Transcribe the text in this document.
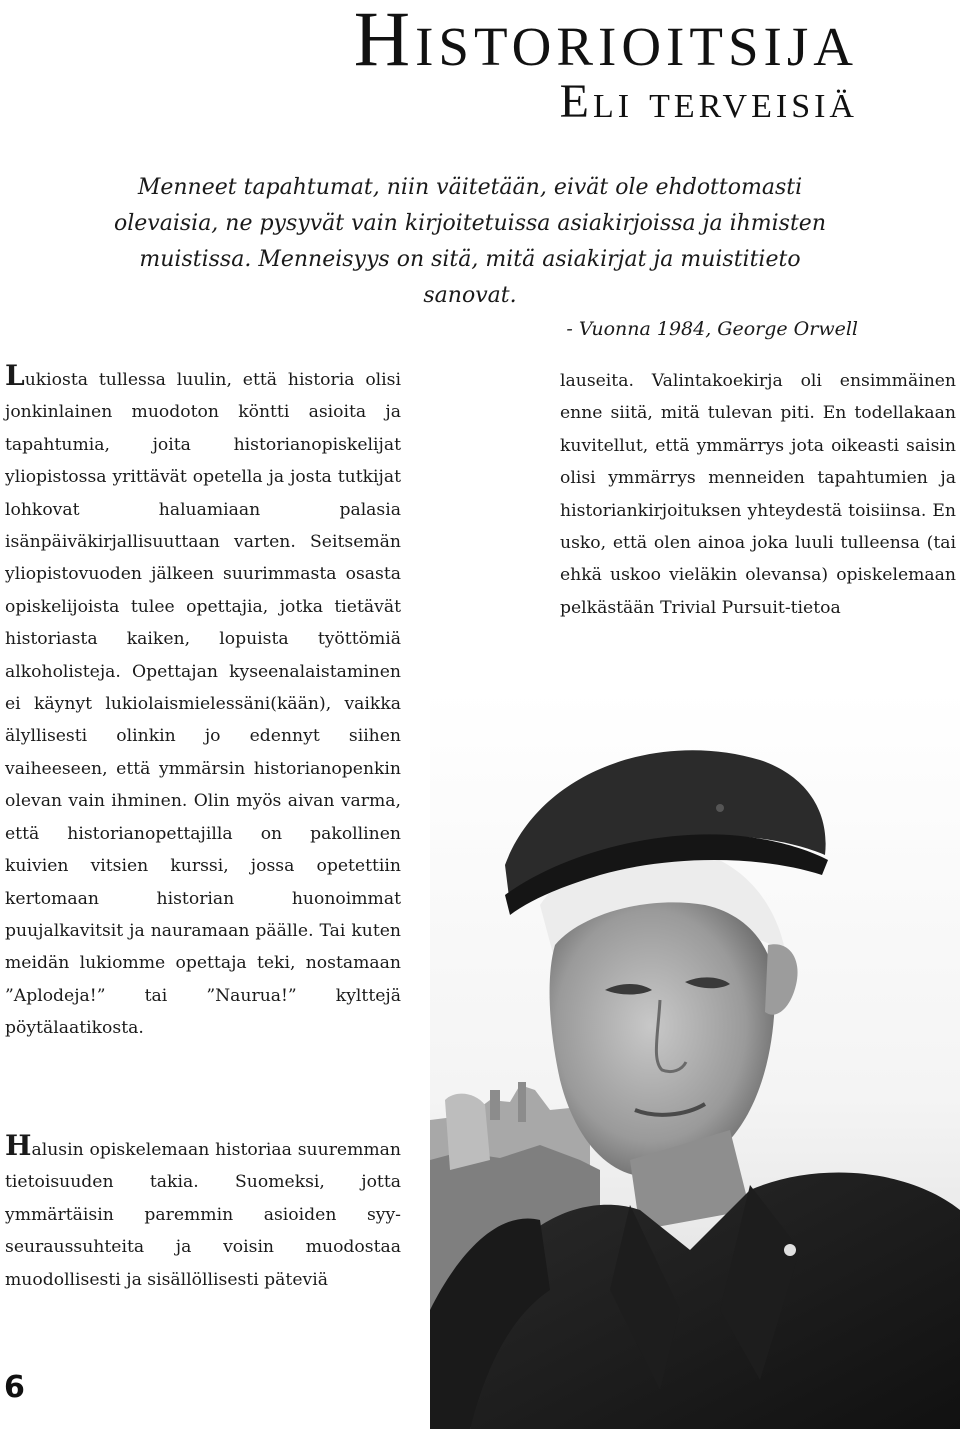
Historioitsija
Eli terveisiä
Menneet tapahtumat, niin väitetään, eivät ole ehdottomasti olevaisia, ne pysyvät vain kirjoitetuissa asiakirjoissa ja ihmisten muistissa. Menneisyys on sitä, mitä asiakirjat ja muistitieto sanovat.
- Vuonna 1984, George Orwell
Lukiosta tullessa luulin, että historia olisi jonkinlainen muodoton köntti asioita ja tapahtumia, joita historianopiskelijat yliopistossa yrittävät opetella ja josta tutkijat lohkovat haluamiaan palasia isänpäiväkirjallisuuttaan varten. Seitsemän yliopistovuoden jälkeen suurimmasta osasta opiskelijoista tulee opettajia, jotka tietävät historiasta kaiken, lopuista työttömiä alkoholisteja. Opettajan kyseenalaistaminen ei käynyt lukiolaismielessäni(kään), vaikka älyllisesti olinkin jo edennyt siihen vaiheeseen, että ymmärsin historianopenkin olevan vain ihminen. Olin myös aivan varma, että historianopettajilla on pakollinen kuivien vitsien kurssi, jossa opetettiin kertomaan historian huonoimmat puujalkavitsit ja nauramaan päälle. Tai kuten meidän lukiomme opettaja teki, nostamaan ”Aplodeja!” tai ”Naurua!” kylttejä pöytälaatikosta.
lauseita. Valintakoekirja oli ensimmäinen enne siitä, mitä tulevan piti. En todellakaan kuvitellut, että ymmärrys jota oikeasti saisin olisi ymmärrys menneiden tapahtumien ja historiankirjoituksen yhteydestä toisiinsa. En usko, että olen ainoa joka luuli tulleensa (tai ehkä uskoo vieläkin olevansa) opiskelemaan pelkästään Trivial Pursuit-tietoa
Halusin opiskelemaan historiaa suuremman tietoisuuden takia. Suomeksi, jotta ymmärtäisin paremmin asioiden syy-seuraussuhteita ja voisin muodostaa muodollisesti ja sisällöllisesti päteviä
6
